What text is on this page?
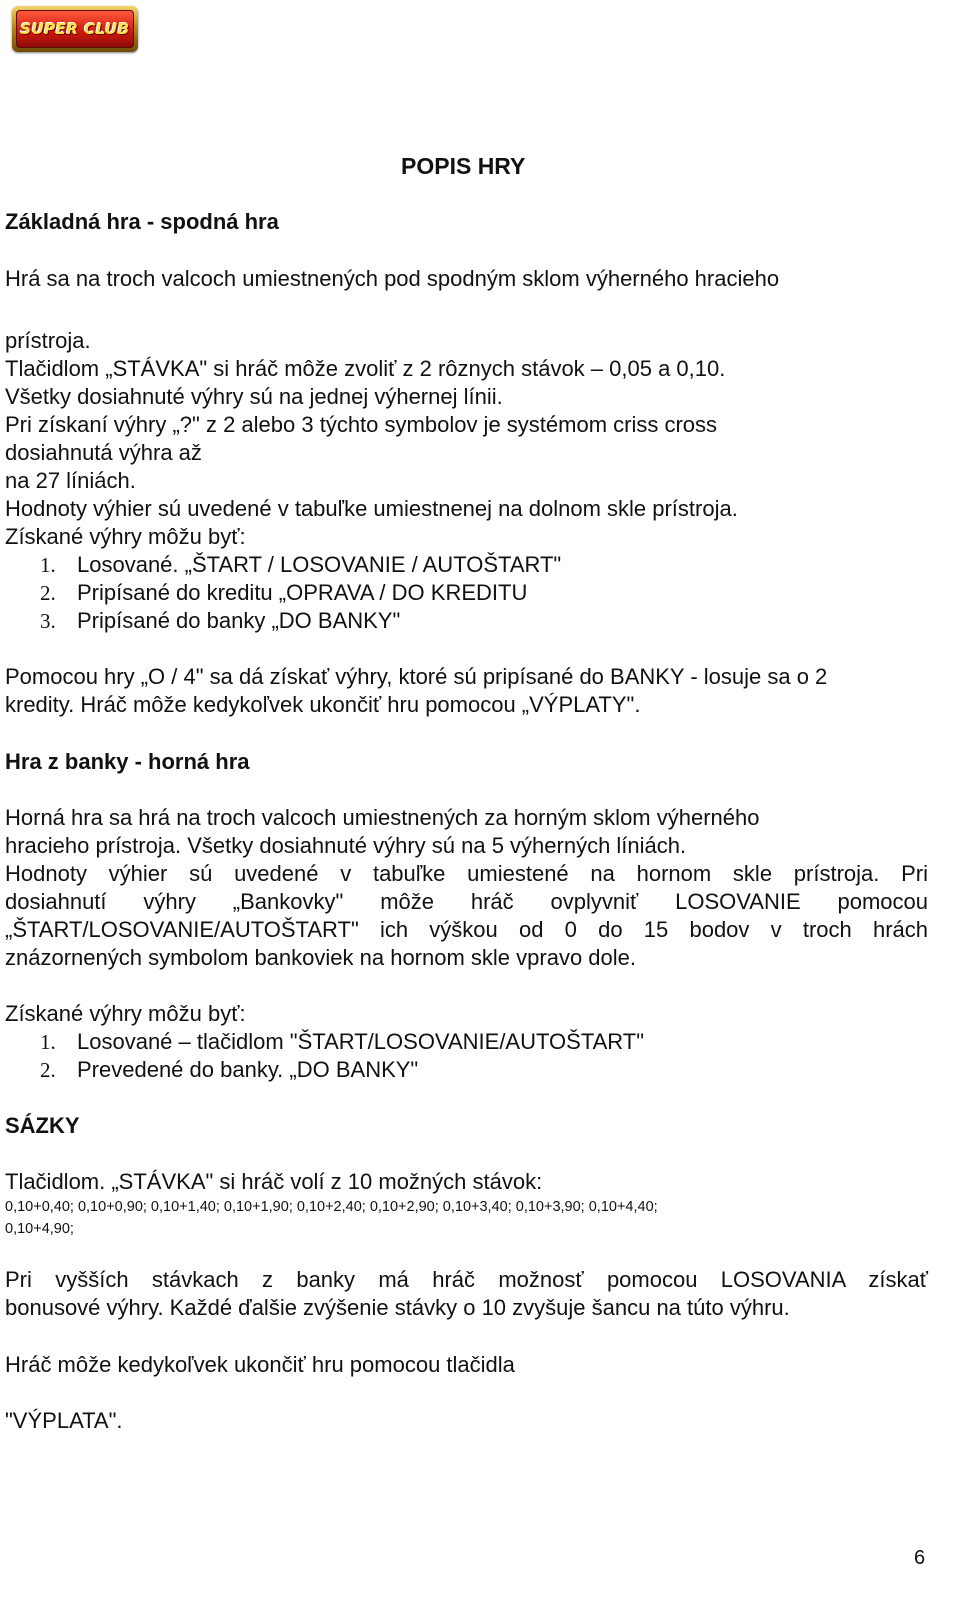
SUPER CLUB
POPIS HRY
Základná hra - spodná hra
Hrá sa na troch valcoch umiestnených pod spodným sklom výherného hracieho
prístroja.
Tlačidlom „STÁVKA" si hráč môže zvoliť z 2 rôznych stávok – 0,05 a 0,10.
Všetky dosiahnuté výhry sú na jednej výhernej línii.
Pri získaní výhry „?" z 2 alebo 3 týchto symbolov je systémom criss cross
dosiahnutá výhra až
na 27 líniách.
Hodnoty výhier sú uvedené v tabuľke umiestnenej na dolnom skle prístroja.
Získané výhry môžu byť:
1. Losované. „ŠTART / LOSOVANIE / AUTOŠTART"
2. Pripísané do kreditu „OPRAVA / DO KREDITU
3. Pripísané do banky „DO BANKY"
Pomocou hry „O / 4" sa dá získať výhry, ktoré sú pripísané do BANKY - losuje sa o 2
kredity. Hráč môže kedykoľvek ukončiť hru pomocou „VÝPLATY".
Hra z banky - horná hra
Horná hra sa hrá na troch valcoch umiestnených za horným sklom výherného
hracieho prístroja. Všetky dosiahnuté výhry sú na 5 výherných líniách.
Hodnoty výhier sú uvedené v tabuľke umiestené na hornom skle prístroja. Pri
dosiahnutí výhry „Bankovky" môže hráč ovplyvniť LOSOVANIE pomocou
„ŠTART/LOSOVANIE/AUTOŠTART" ich výškou od 0 do 15 bodov v troch hrách
znázornených symbolom bankoviek na hornom skle vpravo dole.
Získané výhry môžu byť:
1. Losované – tlačidlom "ŠTART/LOSOVANIE/AUTOŠTART"
2. Prevedené do banky. „DO BANKY"
SÁZKY
Tlačidlom. „STÁVKA" si hráč volí z 10 možných stávok:
0,10+0,40; 0,10+0,90; 0,10+1,40; 0,10+1,90; 0,10+2,40; 0,10+2,90; 0,10+3,40; 0,10+3,90; 0,10+4,40;
0,10+4,90;
Pri vyšších stávkach z banky má hráč možnosť pomocou LOSOVANIA získať
bonusové výhry. Každé ďalšie zvýšenie stávky o 10 zvyšuje šancu na túto výhru.
Hráč môže kedykoľvek ukončiť hru pomocou tlačidla
"VÝPLATA".
6
